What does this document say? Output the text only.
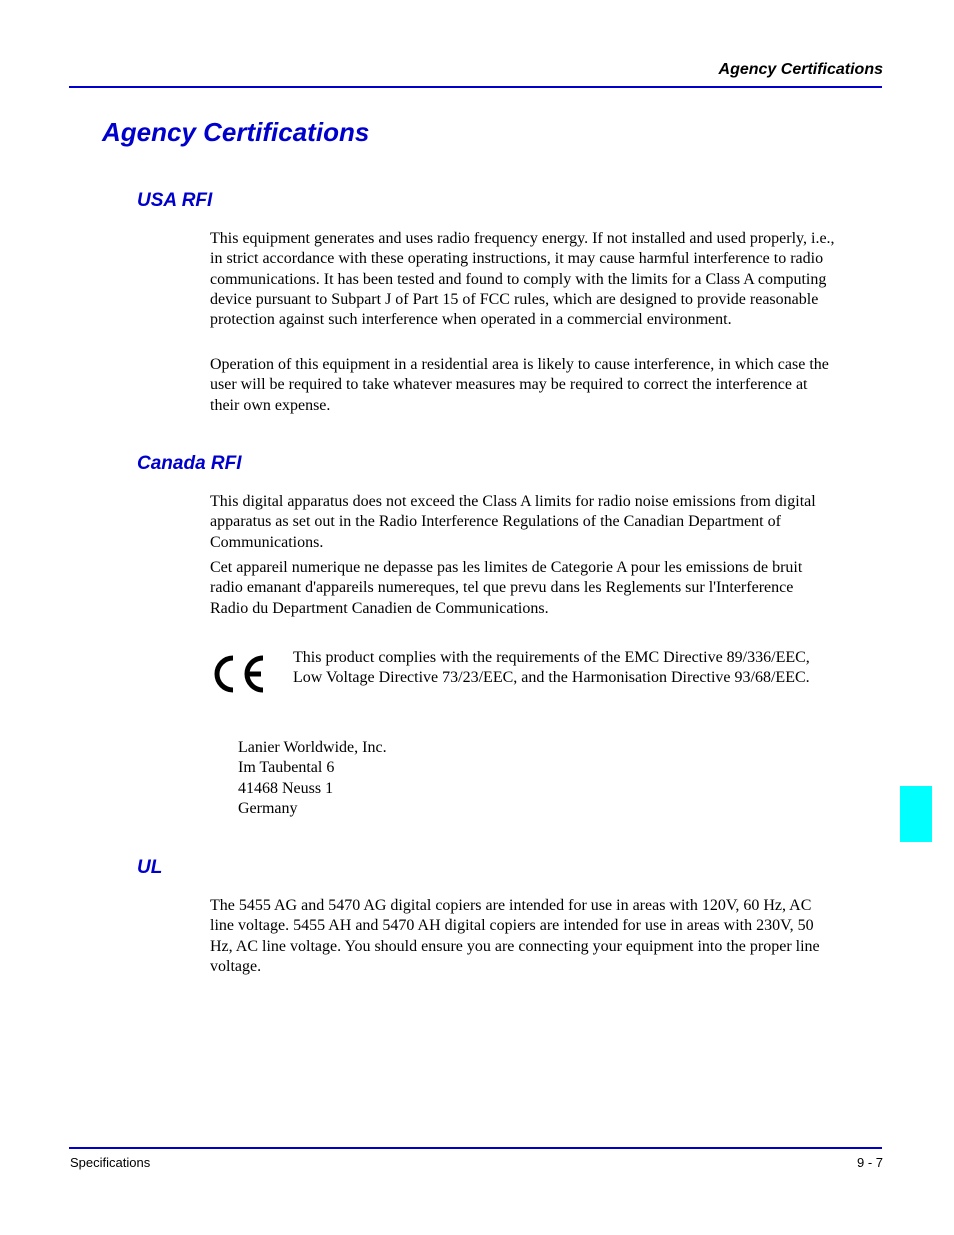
Agency Certifications
Agency Certifications
USA RFI

This equipment generates and uses radio frequency energy. If not installed and used properly, i.e., in strict accordance with these operating instructions, it may cause harmful interference to radio communications. It has been tested and found to comply with the limits for a Class A computing device pursuant to Subpart J of Part 15 of FCC rules, which are designed to provide reasonable protection against such interference when operated in a commercial environment.

Operation of this equipment in a residential area is likely to cause interference, in which case the user will be required to take whatever measures may be required to correct the interference at their own expense.

Canada RFI

This digital apparatus does not exceed the Class A limits for radio noise emissions from digital apparatus as set out in the Radio Interference Regulations of the Canadian Department of Communications.

Cet appareil numerique ne depasse pas les limites de Categorie A pour les emissions de bruit radio emanant d'appareils numereques, tel que prevu dans les Reglements sur l'Interference Radio du Department Canadien de Communications.

This product complies with the requirements of the EMC Directive 89/336/EEC, Low Voltage Directive 73/23/EEC, and the Harmonisation Directive 93/68/EEC.

Lanier Worldwide, Inc.
Im Taubental 6
41468 Neuss 1
Germany
UL

The 5455 AG and 5470 AG digital copiers are intended for use in areas with 120V, 60 Hz, AC line voltage. 5455 AH and 5470 AH digital copiers are intended for use in areas with 230V, 50 Hz, AC line voltage. You should ensure you are connecting your equipment into the proper line voltage.

Specifications	9 - 7
